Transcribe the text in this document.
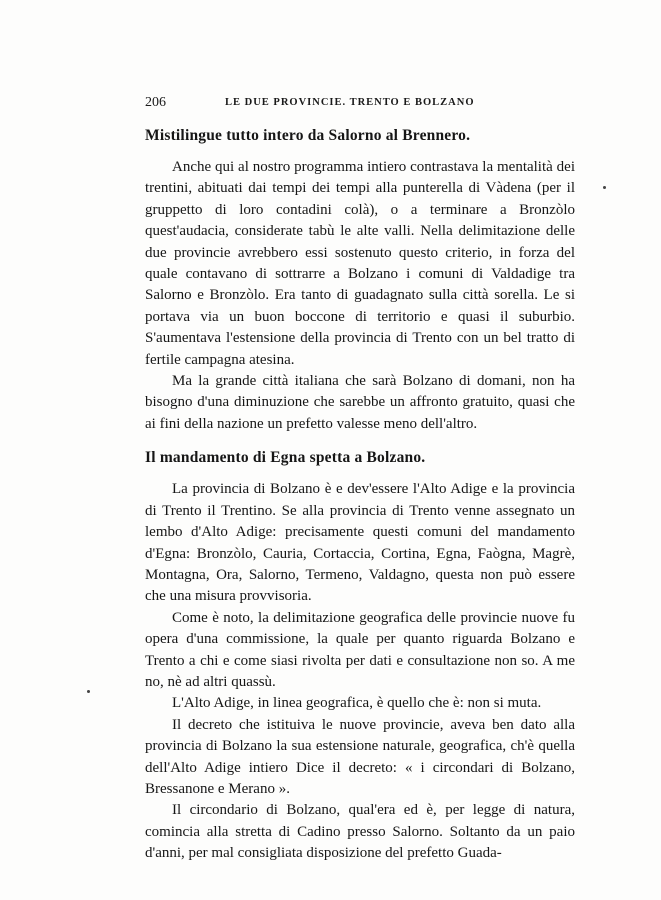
206	LE DUE PROVINCIE. TRENTO E BOLZANO
Mistilingue tutto intero da Salorno al Brennero.

Anche qui al nostro programma intiero contrastava la mentalità dei trentini, abituati dai tempi dei tempi alla punterella di Vàdena (per il gruppetto di loro contadini colà), o a terminare a Bronzòlo quest'audacia, considerate tabù le alte valli. Nella delimitazione delle due provincie avrebbero essi sostenuto questo criterio, in forza del quale contavano di sottrarre a Bolzano i comuni di Valdadige tra Salorno e Bronzòlo. Era tanto di guadagnato sulla città sorella. Le si portava via un buon boccone di territorio e quasi il suburbio. S'aumentava l'estensione della provincia di Trento con un bel tratto di fertile campagna atesina.

Ma la grande città italiana che sarà Bolzano di domani, non ha bisogno d'una diminuzione che sarebbe un affronto gratuito, quasi che ai fini della nazione un prefetto valesse meno dell'altro.

Il mandamento di Egna spetta a Bolzano.

La provincia di Bolzano è e dev'essere l'Alto Adige e la provincia di Trento il Trentino. Se alla provincia di Trento venne assegnato un lembo d'Alto Adige: precisamente questi comuni del mandamento d'Egna: Bronzòlo, Cauria, Cortaccia, Cortina, Egna, Faògna, Magrè, Montagna, Ora, Salorno, Termeno, Valdagno, questa non può essere che una misura provvisoria.

Come è noto, la delimitazione geografica delle provincie nuove fu opera d'una commissione, la quale per quanto riguarda Bolzano e Trento a chi e come siasi rivolta per dati e consultazione non so. A me no, nè ad altri quassù.

L'Alto Adige, in linea geografica, è quello che è: non si muta.

Il decreto che istituiva le nuove provincie, aveva ben dato alla provincia di Bolzano la sua estensione naturale, geografica, ch'è quella dell'Alto Adige intiero Dice il decreto: « i circondari di Bolzano, Bressanone e Merano ».

Il circondario di Bolzano, qual'era ed è, per legge di natura, comincia alla stretta di Cadino presso Salorno. Soltanto da un paio d'anni, per mal consigliata disposizione del prefetto Guada-
